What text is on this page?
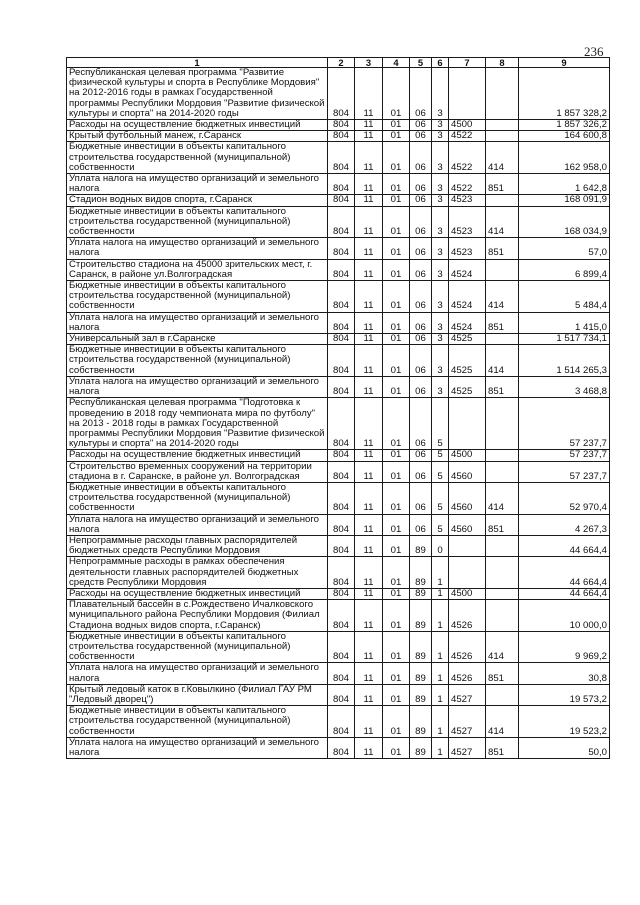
236
1	2	3	4	5	6	7	8	9
Республиканская целевая программа "Развитие физической культуры и спорта в Республике Мордовия" на 2012-2016 годы в рамках Государственной программы Республики Мордовия "Развитие физической культуры и спорта" на 2014-2020 годы	804	11	01	06	3			1 857 328,2
Расходы на осуществление бюджетных инвестиций	804	11	01	06	3	4500		1 857 326,2
Крытый футбольный манеж, г.Саранск	804	11	01	06	3	4522		164 600,8
Бюджетные инвестиции в объекты капитального строительства государственной (муниципальной) собственности	804	11	01	06	3	4522	414	162 958,0
Уплата налога на имущество организаций и земельного налога	804	11	01	06	3	4522	851	1 642,8
Стадион водных видов спорта, г.Саранск	804	11	01	06	3	4523		168 091,9
Бюджетные инвестиции в объекты капитального строительства государственной (муниципальной) собственности	804	11	01	06	3	4523	414	168 034,9
Уплата налога на имущество организаций и земельного налога	804	11	01	06	3	4523	851	57,0
Строительство стадиона на 45000 зрительских мест, г. Саранск, в районе ул.Волгоградская	804	11	01	06	3	4524		6 899,4
Бюджетные инвестиции в объекты капитального строительства государственной (муниципальной) собственности	804	11	01	06	3	4524	414	5 484,4
Уплата налога на имущество организаций и земельного налога	804	11	01	06	3	4524	851	1 415,0
Универсальный зал в г.Саранске	804	11	01	06	3	4525		1 517 734,1
Бюджетные инвестиции в объекты капитального строительства государственной (муниципальной) собственности	804	11	01	06	3	4525	414	1 514 265,3
Уплата налога на имущество организаций и земельного налога	804	11	01	06	3	4525	851	3 468,8
Республиканская целевая программа "Подготовка к проведению в 2018 году чемпионата мира по футболу" на 2013 - 2018 годы в рамках Государственной программы Республики Мордовия "Развитие физической культуры и спорта" на 2014-2020 годы	804	11	01	06	5			57 237,7
Расходы на осуществление бюджетных инвестиций	804	11	01	06	5	4500		57 237,7
Строительство временных сооружений на территории стадиона в г. Саранске, в районе ул. Волгоградская	804	11	01	06	5	4560		57 237,7
Бюджетные инвестиции в объекты капитального строительства государственной (муниципальной) собственности	804	11	01	06	5	4560	414	52 970,4
Уплата налога на имущество организаций и земельного налога	804	11	01	06	5	4560	851	4 267,3
Непрограммные расходы главных распорядителей бюджетных средств Республики Мордовия	804	11	01	89	0			44 664,4
Непрограммные расходы в рамках обеспечения деятельности главных распорядителей бюджетных средств Республики Мордовия	804	11	01	89	1			44 664,4
Расходы на осуществление бюджетных инвестиций	804	11	01	89	1	4500		44 664,4
Плавательный бассейн в с.Рождествено Ичалковского муниципального района Республики Мордовия (Филиал Стадиона водных видов спорта, г.Саранск)	804	11	01	89	1	4526		10 000,0
Бюджетные инвестиции в объекты капитального строительства государственной (муниципальной) собственности	804	11	01	89	1	4526	414	9 969,2
Уплата налога на имущество организаций и земельного налога	804	11	01	89	1	4526	851	30,8
Крытый ледовый каток в г.Ковылкино (Филиал ГАУ РМ "Ледовый дворец")	804	11	01	89	1	4527		19 573,2
Бюджетные инвестиции в объекты капитального строительства государственной (муниципальной) собственности	804	11	01	89	1	4527	414	19 523,2
Уплата налога на имущество организаций и земельного налога	804	11	01	89	1	4527	851	50,0
